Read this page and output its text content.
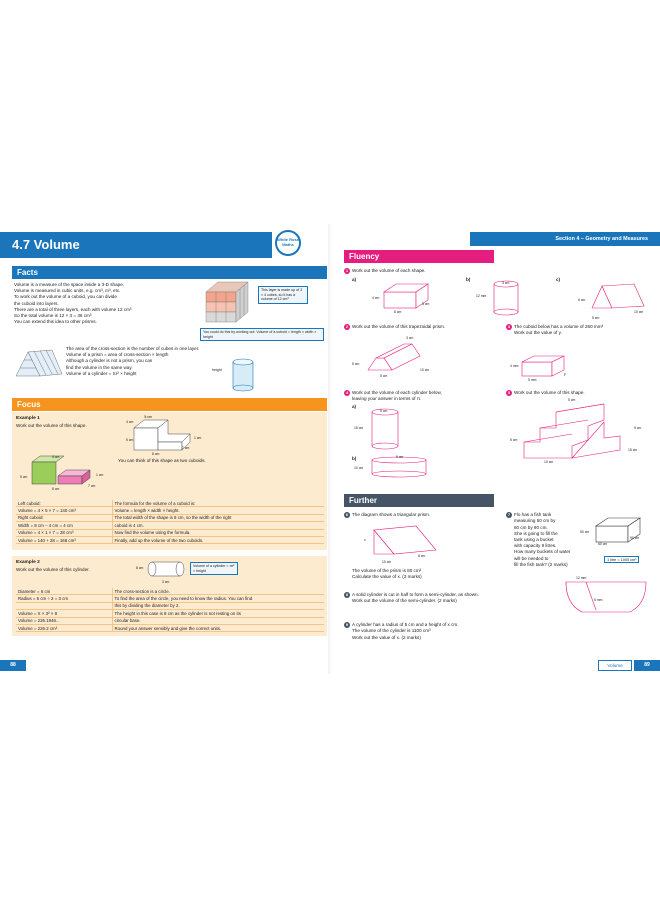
4.7 Volume	White Rose Maths
Facts
Volume is a measure of the space inside a 3-D shape.
Volume is measured in cubic units, e.g. cm³, m³, etc.
To work out the volume of a cuboid, you can divide
the cuboid into layers.
There are a total of three layers, each with volume 12 cm³
So the total volume is 12 × 3 = 36 cm³
You can extend this idea to other prisms.
This layer is made up of 3 × 4 cubes, so it has a volume of 12 cm³
You could do this by working out: Volume of a cuboid = length × width × height
The area of the cross-section is the number of cubes in one layer.
Volume of a prism = area of cross-section × length
Although a cylinder is not a prism, you can
find the volume in the same way.
Volume of a cylinder = πr² × height
height
Focus
Example 1
Work out the volume of this shape.
5 cm
4 cm
5 cm	1 cm
8 cm
7 cm
4 cm
5 cm	1 cm
8 cm
7 cm
You can think of this shape as two cuboids.
Left cuboid:	The formula for the volume of a cuboid is:
Volume = 4 × 5 × 7 = 140 cm³	Volume = length × width × height.
Right cuboid:	The total width of the shape is 8 cm, so the width of the right
Width = 8 cm − 4 cm = 4 cm	cuboid is 4 cm.
Volume = 4 × 1 × 7 = 28 cm³	Now find the volume using the formula.
Volume = 140 + 28 = 168 cm³	Finally, add up the volume of the two cuboids.
Example 2
Work out the volume of this cylinder.	8 cm
3 cm
Volume of a cylinder = πr² × height
Diameter = 6 cm	The cross-section is a circle.
Radius = 6 cm ÷ 2 = 3 cm	To find the area of the circle, you need to know the radius. You can find
	this by dividing the diameter by 2.
Volume = π × 3² × 8	The height in this case is 8 cm as the cylinder is not resting on its
Volume = 226.1946...	circular base.
Volume = 226.2 cm³	Round your answer sensibly and give the correct units.
88
Section 4 – Geometry and Measures
Fluency
1 Work out the volume of each shape.
a)	b)	c)
4 cm
3 cm
8 cm
3 cm
12 mm
6 cm
10 cm
5 cm
2 Work out the volume of this trapezoidal prism.
3 cm
5 cm
10 cm
5 cm
3 The cuboid below has a volume of 260 mm³
Work out the value of y.
4 mm
5 mm
y
4 Work out the volume of each cylinder below,
leaving your answer in terms of π.
a)
5 cm
15 cm
b)	5 cm
10 cm
5 Work out the volume of this shape.
5 cm
5 cm
5 cm
15 cm
10 cm
Further
6 The diagram shows a triangular prism.
x
8 cm
10 cm
The volume of the prism is 80 cm³
Calculate the value of x. (3 marks)
7 Flo has a fish tank
measuring 50 cm by
60 cm by 90 cm.
She is going to fill the
tank using a bucket
with capacity 9 litres.
How many buckets of water
will be needed to
fill the fish tank? (2 marks)
50 cm
90 cm
60 cm
1 litre = 1000 cm³
8 A solid cylinder is cut in half to form a semi-cylinder, as shown.
Work out the volume of the semi-cylinder. (2 marks)
12 mm
5 mm
9 A cylinder has a radius of 5 cm and a height of x cm.
The volume of the cylinder is 1100 cm³
Work out the value of x. (2 marks)
Volume	89
